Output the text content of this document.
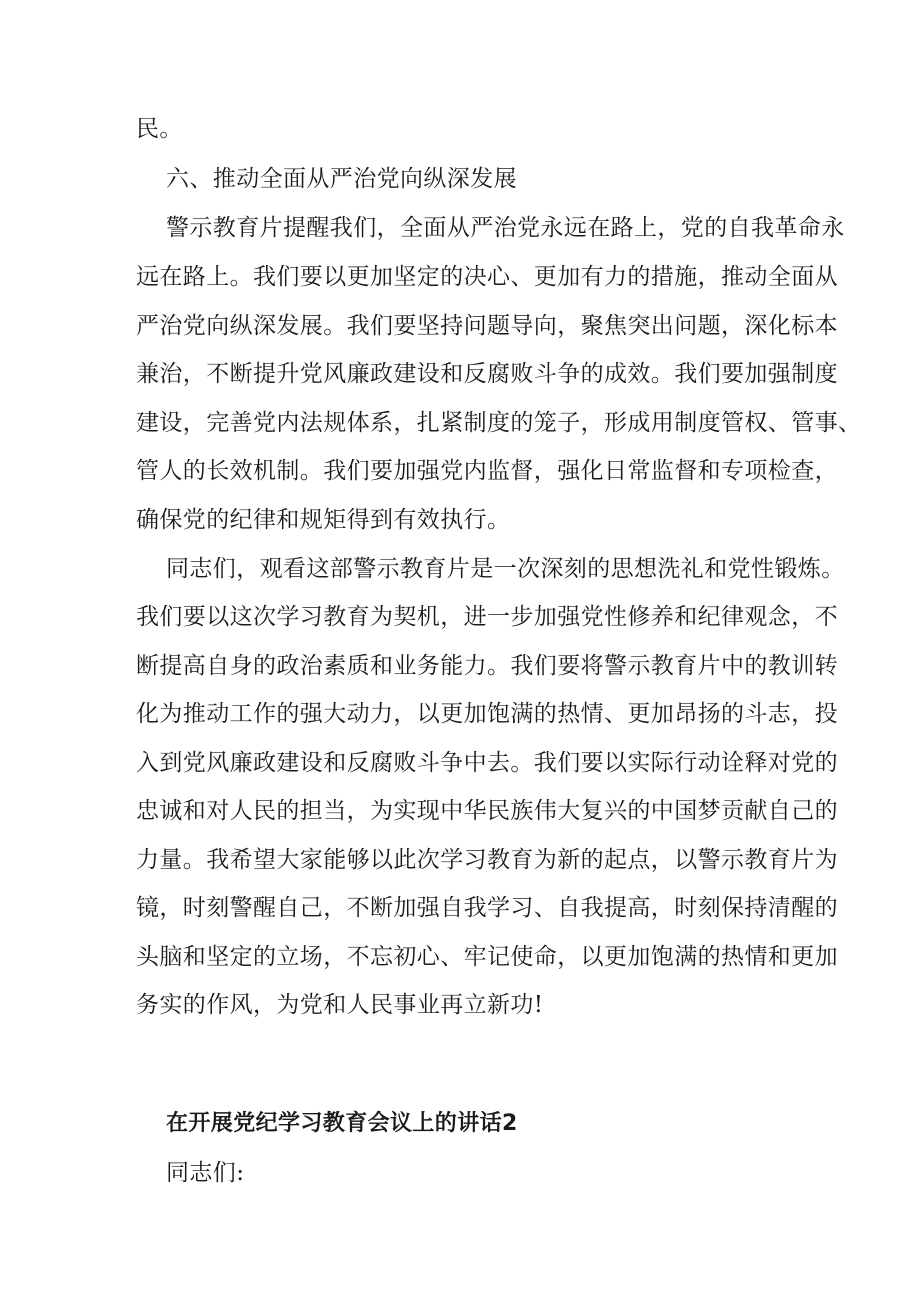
民。
六、推动全面从严治党向纵深发展
警示教育片提醒我们，全面从严治党永远在路上，党的自我革命永
远在路上。我们要以更加坚定的决心、更加有力的措施，推动全面从
严治党向纵深发展。我们要坚持问题导向，聚焦突出问题，深化标本
兼治，不断提升党风廉政建设和反腐败斗争的成效。我们要加强制度
建设，完善党内法规体系，扎紧制度的笼子，形成用制度管权、管事、
管人的长效机制。我们要加强党内监督，强化日常监督和专项检查，
确保党的纪律和规矩得到有效执行。
同志们，观看这部警示教育片是一次深刻的思想洗礼和党性锻炼。
我们要以这次学习教育为契机，进一步加强党性修养和纪律观念，不
断提高自身的政治素质和业务能力。我们要将警示教育片中的教训转
化为推动工作的强大动力，以更加饱满的热情、更加昂扬的斗志，投
入到党风廉政建设和反腐败斗争中去。我们要以实际行动诠释对党的
忠诚和对人民的担当，为实现中华民族伟大复兴的中国梦贡献自己的
力量。我希望大家能够以此次学习教育为新的起点，以警示教育片为
镜，时刻警醒自己，不断加强自我学习、自我提高，时刻保持清醒的
头脑和坚定的立场，不忘初心、牢记使命，以更加饱满的热情和更加
务实的作风，为党和人民事业再立新功!
在开展党纪学习教育会议上的讲话2
同志们:
